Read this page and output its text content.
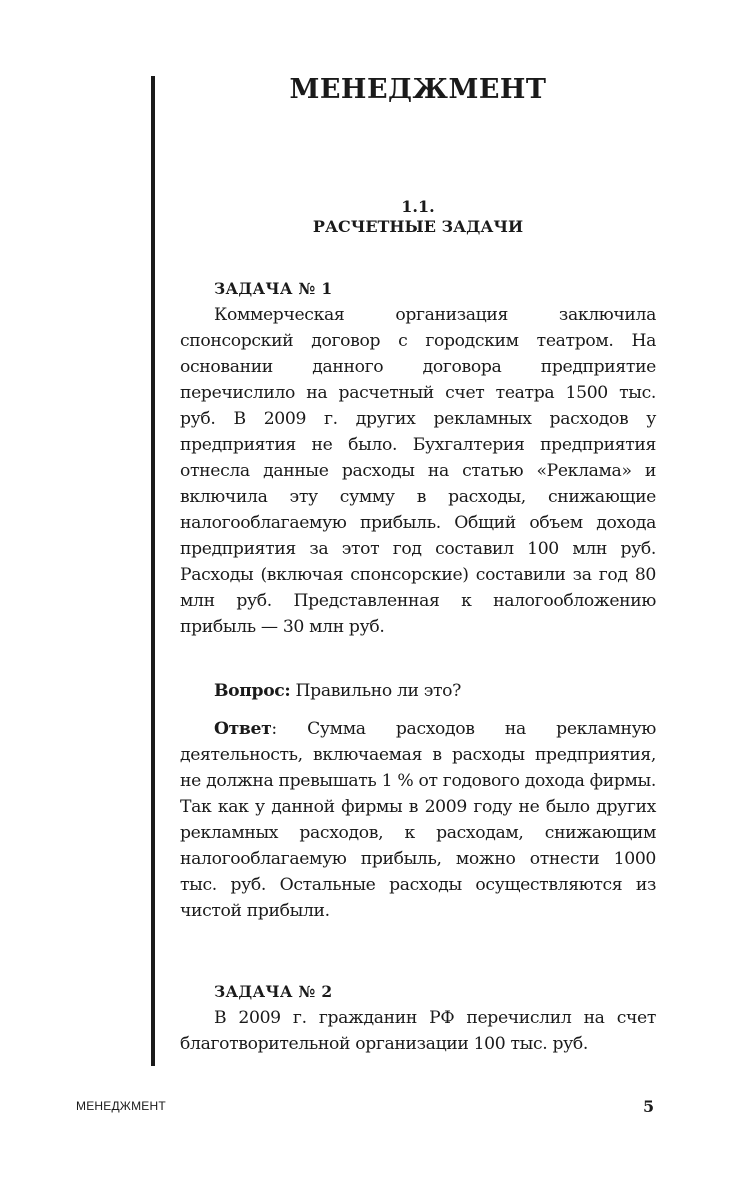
МЕНЕДЖМЕНТ
1.1.
РАСЧЕТНЫЕ ЗАДАЧИ
ЗАДАЧА № 1

Коммерческая организация заключила спонсорский договор с городским театром. На основании данного договора предприятие перечислило на расчетный счет театра 1500 тыс. руб. В 2009 г. других рекламных расходов у предприятия не было. Бухгалтерия предприятия отнесла данные расходы на статью «Реклама» и включила эту сумму в расходы, снижающие налогооблагаемую прибыль. Общий объем дохода предприятия за этот год составил 100 млн руб. Расходы (включая спонсорские) составили за год 80 млн руб. Представленная к налогообложению прибыль — 30 млн руб.

Вопрос: Правильно ли это?

Ответ: Сумма расходов на рекламную деятельность, включаемая в расходы предприятия, не должна превышать 1 % от годового дохода фирмы. Так как у данной фирмы в 2009 году не было других рекламных расходов, к расходам, снижающим налогооблагаемую прибыль, можно отнести 1000 тыс. руб. Остальные расходы осуществляются из чистой прибыли.

ЗАДАЧА № 2

В 2009 г. гражданин РФ перечислил на счет благотворительной организации 100 тыс. руб.

МЕНЕДЖМЕНТ	5
